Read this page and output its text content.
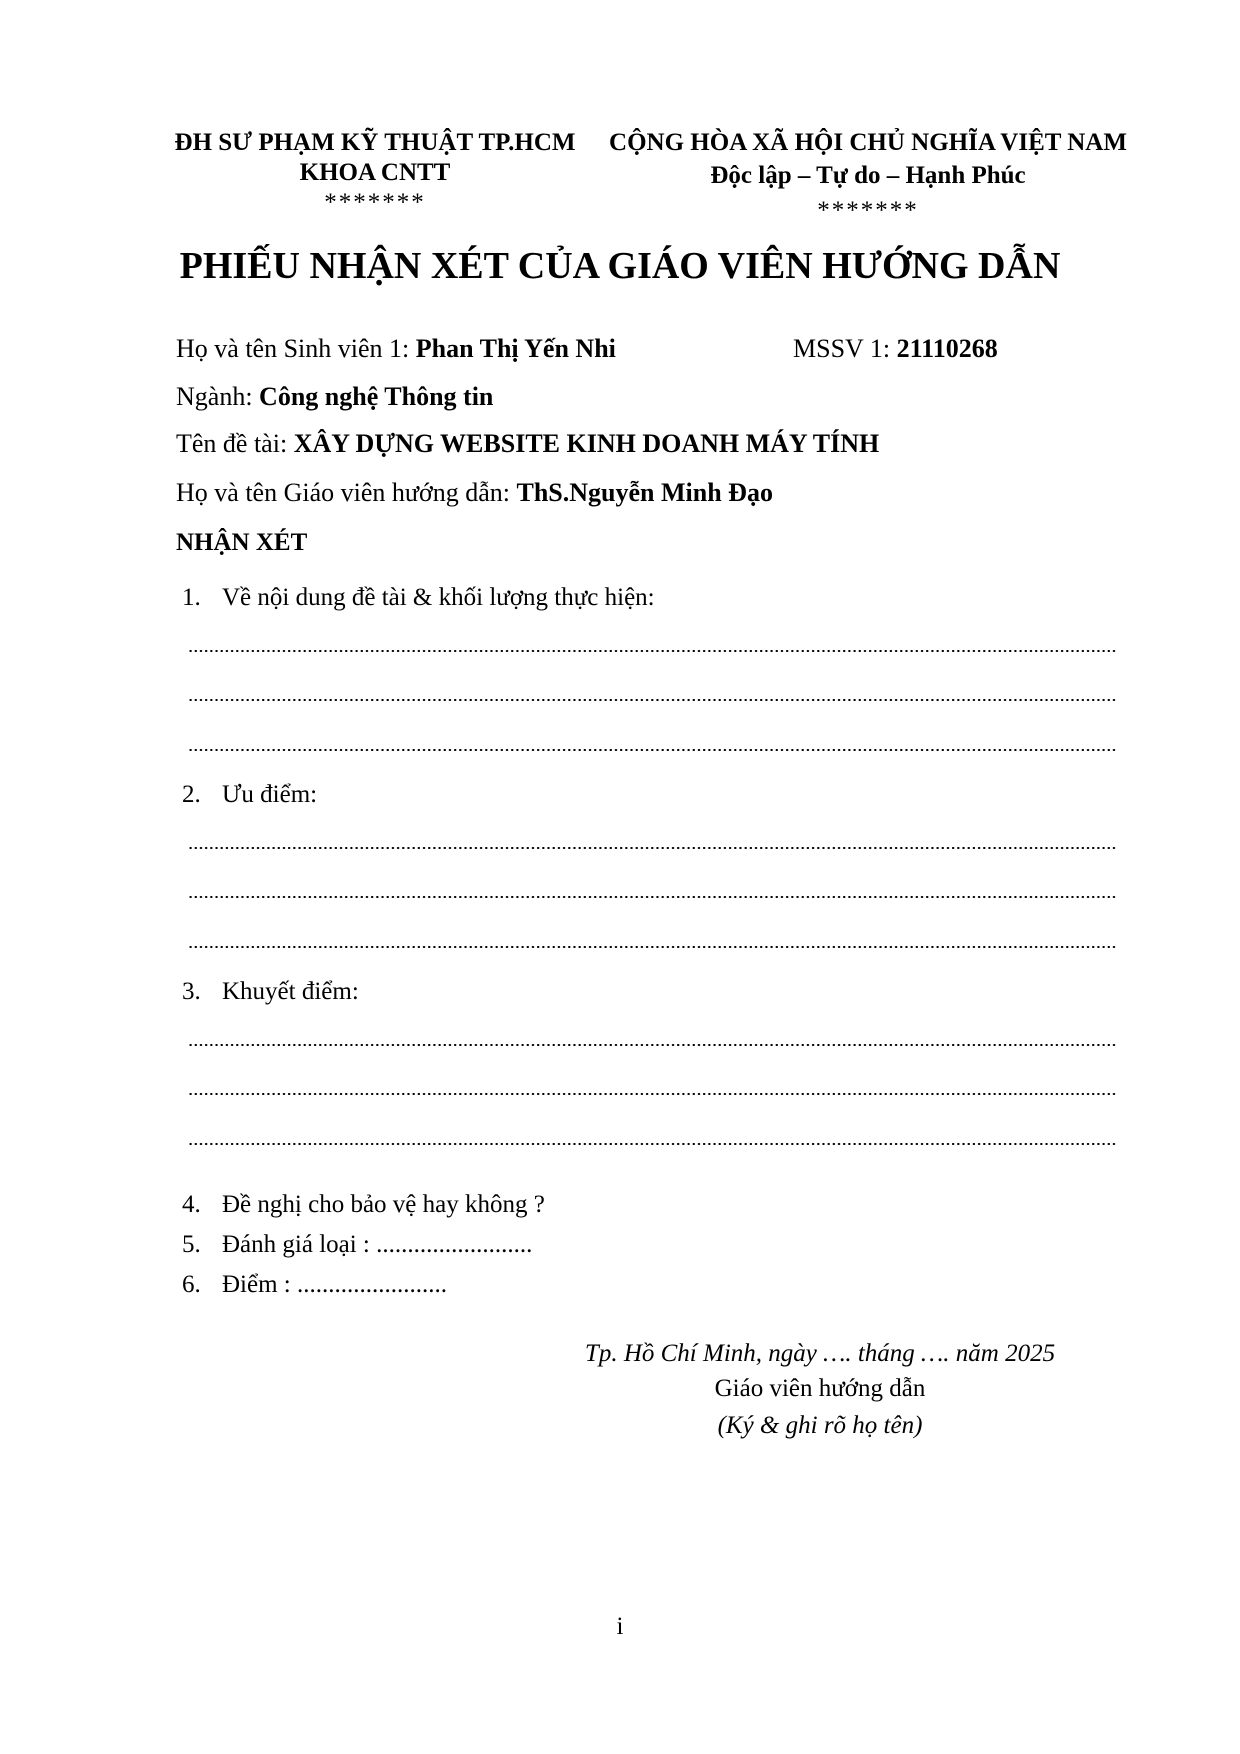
ĐH SƯ PHẠM KỸ THUẬT TP.HCM
KHOA CNTT
*******
CỘNG HÒA XÃ HỘI CHỦ NGHĨA VIỆT NAM
Độc lập – Tự do – Hạnh Phúc
*******
PHIẾU NHẬN XÉT CỦA GIÁO VIÊN HƯỚNG DẪN
Họ và tên Sinh viên 1: Phan Thị Yến Nhi	MSSV 1: 21110268
Ngành: Công nghệ Thông tin
Tên đề tài: XÂY DỰNG WEBSITE KINH DOANH MÁY TÍNH
Họ và tên Giáo viên hướng dẫn: ThS.Nguyễn Minh Đạo
NHẬN XÉT
1. Về nội dung đề tài & khối lượng thực hiện:
2. Ưu điểm:
3. Khuyết điểm:
4. Đề nghị cho bảo vệ hay không ?
5. Đánh giá loại : .........................
6. Điểm : ........................
Tp. Hồ Chí Minh, ngày …. tháng …. năm 2025
Giáo viên hướng dẫn
(Ký & ghi rõ họ tên)
i
